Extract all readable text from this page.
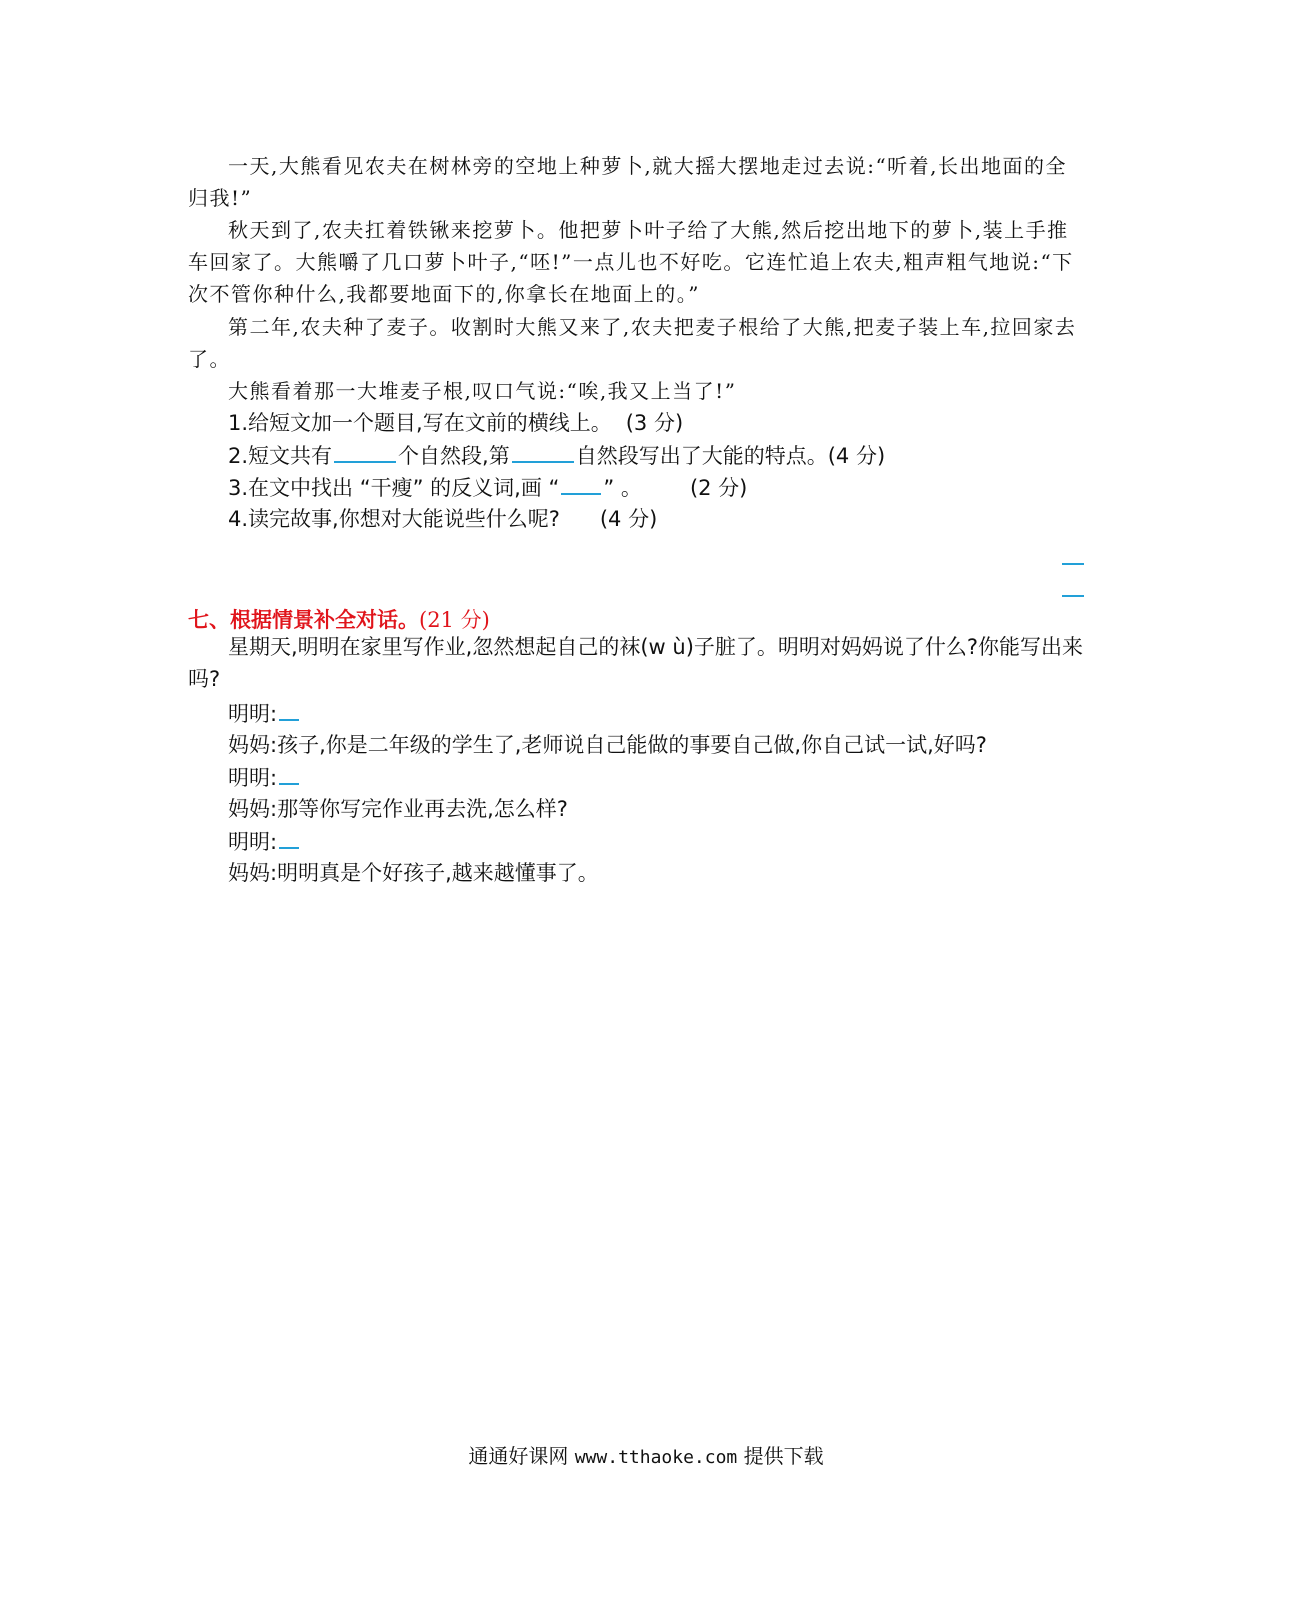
一天,大熊看见农夫在树林旁的空地上种萝卜,就大摇大摆地走过去说:“听着,长出地面的全归我!”

秋天到了,农夫扛着铁锹来挖萝卜。他把萝卜叶子给了大熊,然后挖出地下的萝卜,装上手推车回家了。大熊嚼了几口萝卜叶子,“呸!”一点儿也不好吃。它连忙追上农夫,粗声粗气地说:“下次不管你种什么,我都要地面下的,你拿长在地面上的。”

第二年,农夫种了麦子。收割时大熊又来了,农夫把麦子根给了大熊,把麦子装上车,拉回家去了。

大熊看着那一大堆麦子根,叹口气说:“唉,我又上当了!”

1.给短文加一个题目,写在文前的横线上。 (3 分)

2.短文共有	个自然段,第	自然段写出了大能的特点。(4 分)

3.在文中找出 “干瘦” 的反义词,画 “ ” 。 (2 分)

4.读完故事,你想对大能说些什么呢? (4 分)

七、根据情景补全对话。(21 分)

星期天,明明在家里写作业,忽然想起自己的袜(w ù)子脏了。明明对妈妈说了什么?你能写出来吗?

明明:

妈妈:孩子,你是二年级的学生了,老师说自己能做的事要自己做,你自己试一试,好吗?

明明:

妈妈:那等你写完作业再去洗,怎么样?

明明:

妈妈:明明真是个好孩子,越来越懂事了。

通通好课网 www.tthaoke.com 提供下载
